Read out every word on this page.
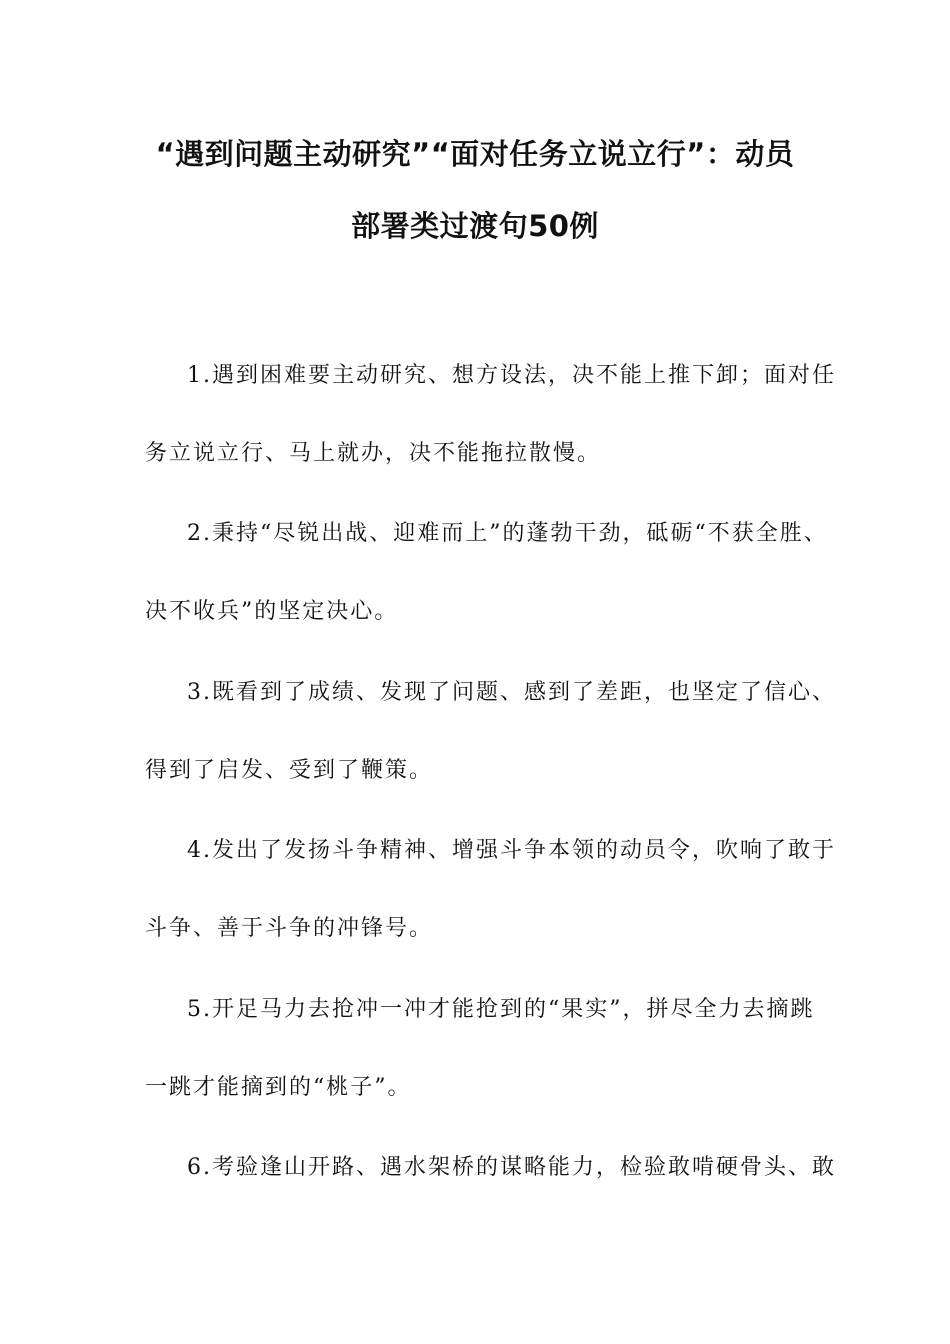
“遇到问题主动研究”“面对任务立说立行”：动员
部署类过渡句50例
1.遇到困难要主动研究、想方设法，决不能上推下卸；面对任
务立说立行、马上就办，决不能拖拉散慢。
2.秉持“尽锐出战、迎难而上”的蓬勃干劲，砥砺“不获全胜、
决不收兵”的坚定决心。
3.既看到了成绩、发现了问题、感到了差距，也坚定了信心、
得到了启发、受到了鞭策。
4.发出了发扬斗争精神、增强斗争本领的动员令，吹响了敢于
斗争、善于斗争的冲锋号。
5.开足马力去抢冲一冲才能抢到的“果实”，拼尽全力去摘跳
一跳才能摘到的“桃子”。
6.考验逢山开路、遇水架桥的谋略能力，检验敢啃硬骨头、敢
